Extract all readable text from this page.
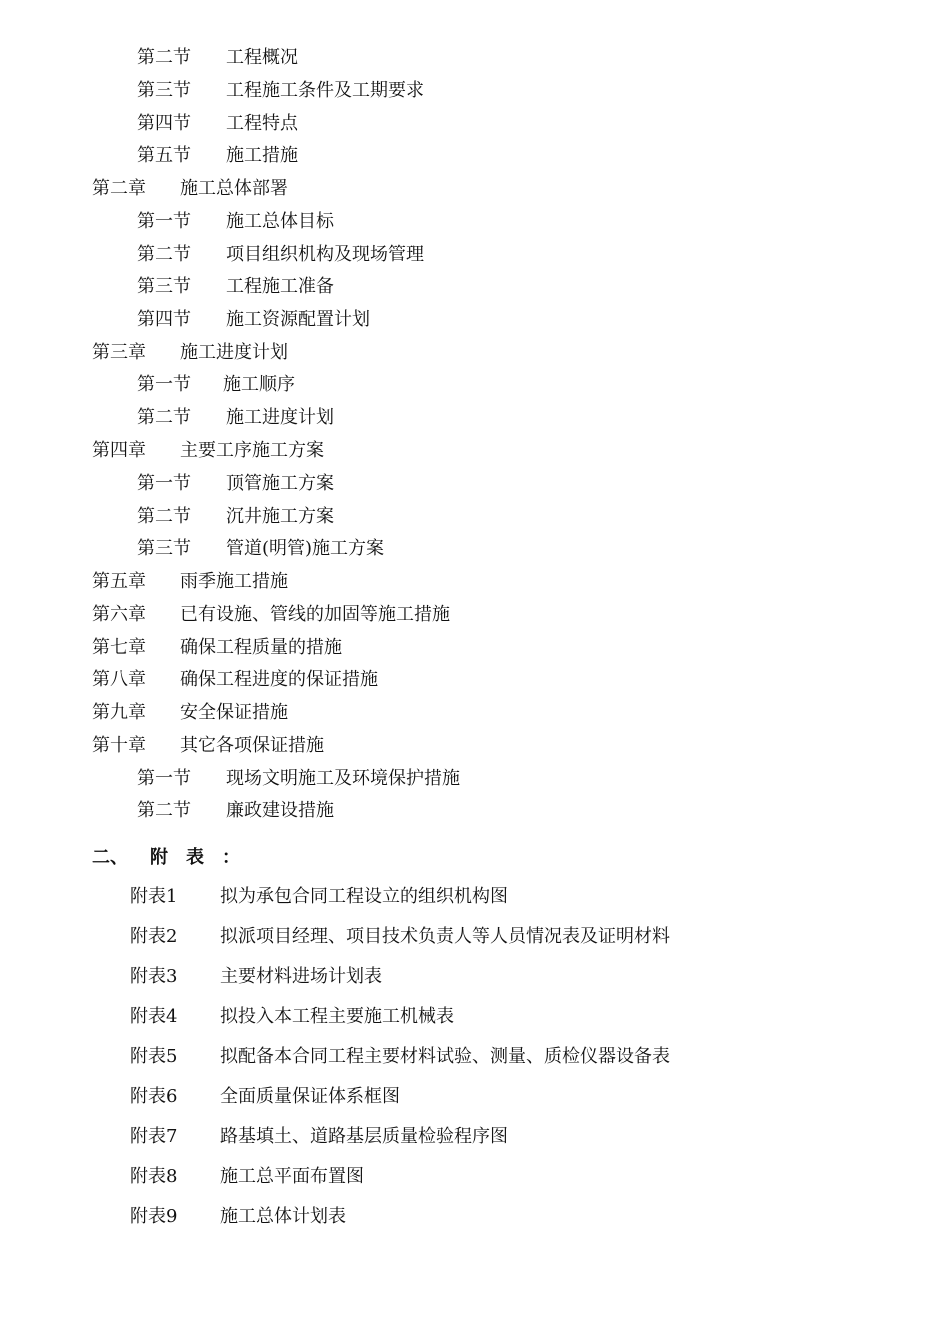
第二节 工程概况
第三节 工程施工条件及工期要求
第四节 工程特点
第五节 施工措施
第二章 施工总体部署
第一节 施工总体目标
第二节 项目组织机构及现场管理
第三节 工程施工准备
第四节 施工资源配置计划
第三章 施工进度计划
第一节 施工顺序
第二节 施工进度计划
第四章 主要工序施工方案
第一节 顶管施工方案
第二节 沉井施工方案
第三节 管道(明管)施工方案
第五章 雨季施工措施
第六章 已有设施、管线的加固等施工措施
第七章 确保工程质量的措施
第八章 确保工程进度的保证措施
第九章 安全保证措施
第十章 其它各项保证措施
第一节 现场文明施工及环境保护措施
第二节 廉政建设措施
二、 附表：
附表1 拟为承包合同工程设立的组织机构图
附表2 拟派项目经理、项目技术负责人等人员情况表及证明材料
附表3 主要材料进场计划表
附表4 拟投入本工程主要施工机械表
附表5 拟配备本合同工程主要材料试验、测量、质检仪器设备表
附表6 全面质量保证体系框图
附表7 路基填土、道路基层质量检验程序图
附表8 施工总平面布置图
附表9 施工总体计划表
